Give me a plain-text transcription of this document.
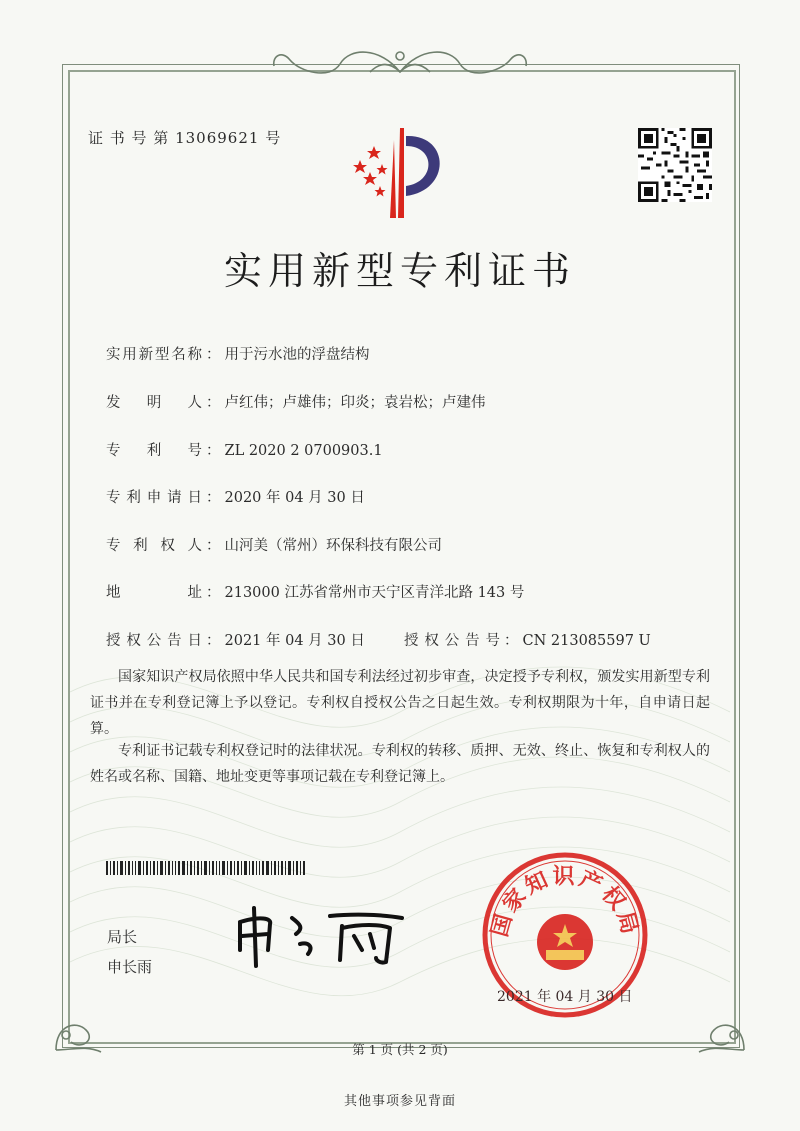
证 书 号 第 13069621 号
实用新型专利证书
实用新型名称 ： 用于污水池的浮盘结构
发明人 ： 卢红伟；卢雄伟；印炎；袁岩松；卢建伟
专利号 ： ZL 2020 2 0700903.1
专利申请日 ： 2020 年 04 月 30 日
专利权人 ： 山河美（常州）环保科技有限公司
地址 ： 213000 江苏省常州市天宁区青洋北路 143 号
授权公告日 ： 2021 年 04 月 30 日	授权公告号 ： CN 213085597 U
国家知识产权局依照中华人民共和国专利法经过初步审查，决定授予专利权，颁发实用新型专利证书并在专利登记簿上予以登记。专利权自授权公告之日起生效。专利权期限为十年，自申请日起算。
专利证书记载专利权登记时的法律状况。专利权的转移、质押、无效、终止、恢复和专利权人的姓名或名称、国籍、地址变更等事项记载在专利登记簿上。
局长
申长雨
国家知识产权局
2021 年 04 月 30 日
第 1 页 (共 2 页)
其他事项参见背面
